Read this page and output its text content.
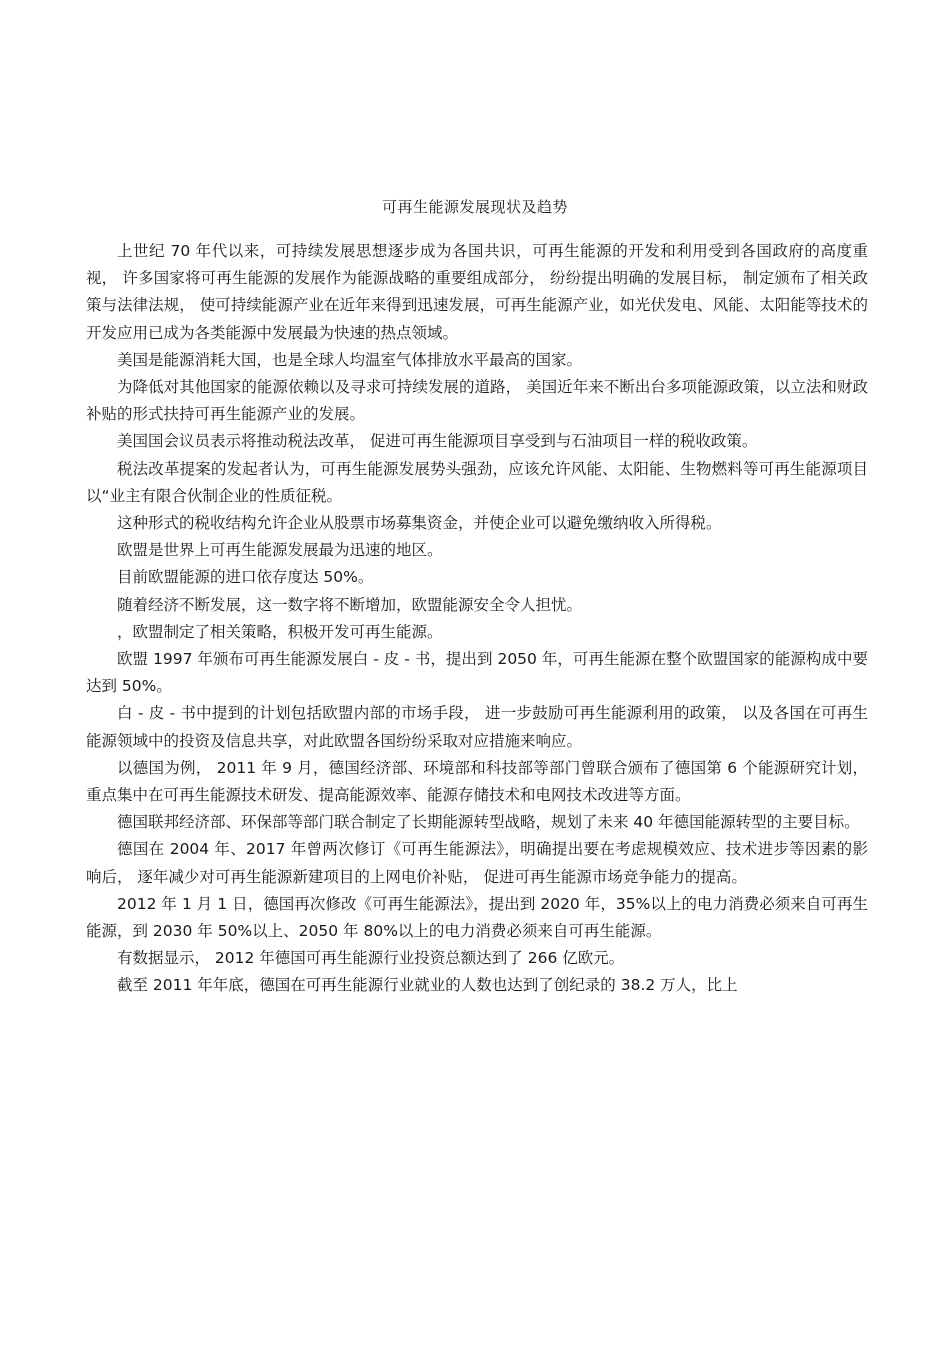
可再生能源发展现状及趋势

上世纪 70 年代以来，可持续发展思想逐步成为各国共识，可再生能源的开发和利用受到各国政府的高度重视， 许多国家将可再生能源的发展作为能源战略的重要组成部分， 纷纷提出明确的发展目标， 制定颁布了相关政策与法律法规， 使可持续能源产业在近年来得到迅速发展，可再生能源产业，如光伏发电、风能、太阳能等技术的开发应用已成为各类能源中发展最为快速的热点领域。

美国是能源消耗大国，也是全球人均温室气体排放水平最高的国家。

为降低对其他国家的能源依赖以及寻求可持续发展的道路， 美国近年来不断出台多项能源政策，以立法和财政补贴的形式扶持可再生能源产业的发展。

美国国会议员表示将推动税法改革， 促进可再生能源项目享受到与石油项目一样的税收政策。

税法改革提案的发起者认为，可再生能源发展势头强劲，应该允许风能、太阳能、生物燃料等可再生能源项目以“业主有限合伙制企业的性质征税。

这种形式的税收结构允许企业从股票市场募集资金，并使企业可以避免缴纳收入所得税。

欧盟是世界上可再生能源发展最为迅速的地区。

目前欧盟能源的进口依存度达 50%。

随着经济不断发展，这一数字将不断增加，欧盟能源安全令人担忧。

，欧盟制定了相关策略，积极开发可再生能源。

欧盟 1997 年颁布可再生能源发展白 - 皮 - 书，提出到 2050 年，可再生能源在整个欧盟国家的能源构成中要达到 50%。

白 - 皮 - 书中提到的计划包括欧盟内部的市场手段， 进一步鼓励可再生能源利用的政策， 以及各国在可再生能源领域中的投资及信息共享，对此欧盟各国纷纷采取对应措施来响应。

以德国为例， 2011 年 9 月，德国经济部、环境部和科技部等部门曾联合颁布了德国第 6 个能源研究计划，重点集中在可再生能源技术研发、提高能源效率、能源存储技术和电网技术改进等方面。

德国联邦经济部、环保部等部门联合制定了长期能源转型战略，规划了未来 40 年德国能源转型的主要目标。

德国在 2004 年、2017 年曾两次修订《可再生能源法》，明确提出要在考虑规模效应、技术进步等因素的影响后， 逐年减少对可再生能源新建项目的上网电价补贴， 促进可再生能源市场竞争能力的提高。

2012 年 1 月 1 日，德国再次修改《可再生能源法》，提出到 2020 年，35%以上的电力消费必须来自可再生能源，到 2030 年 50%以上、2050 年 80%以上的电力消费必须来自可再生能源。

有数据显示， 2012 年德国可再生能源行业投资总额达到了 266 亿欧元。

截至 2011 年年底，德国在可再生能源行业就业的人数也达到了创纪录的 38.2 万人，比上
